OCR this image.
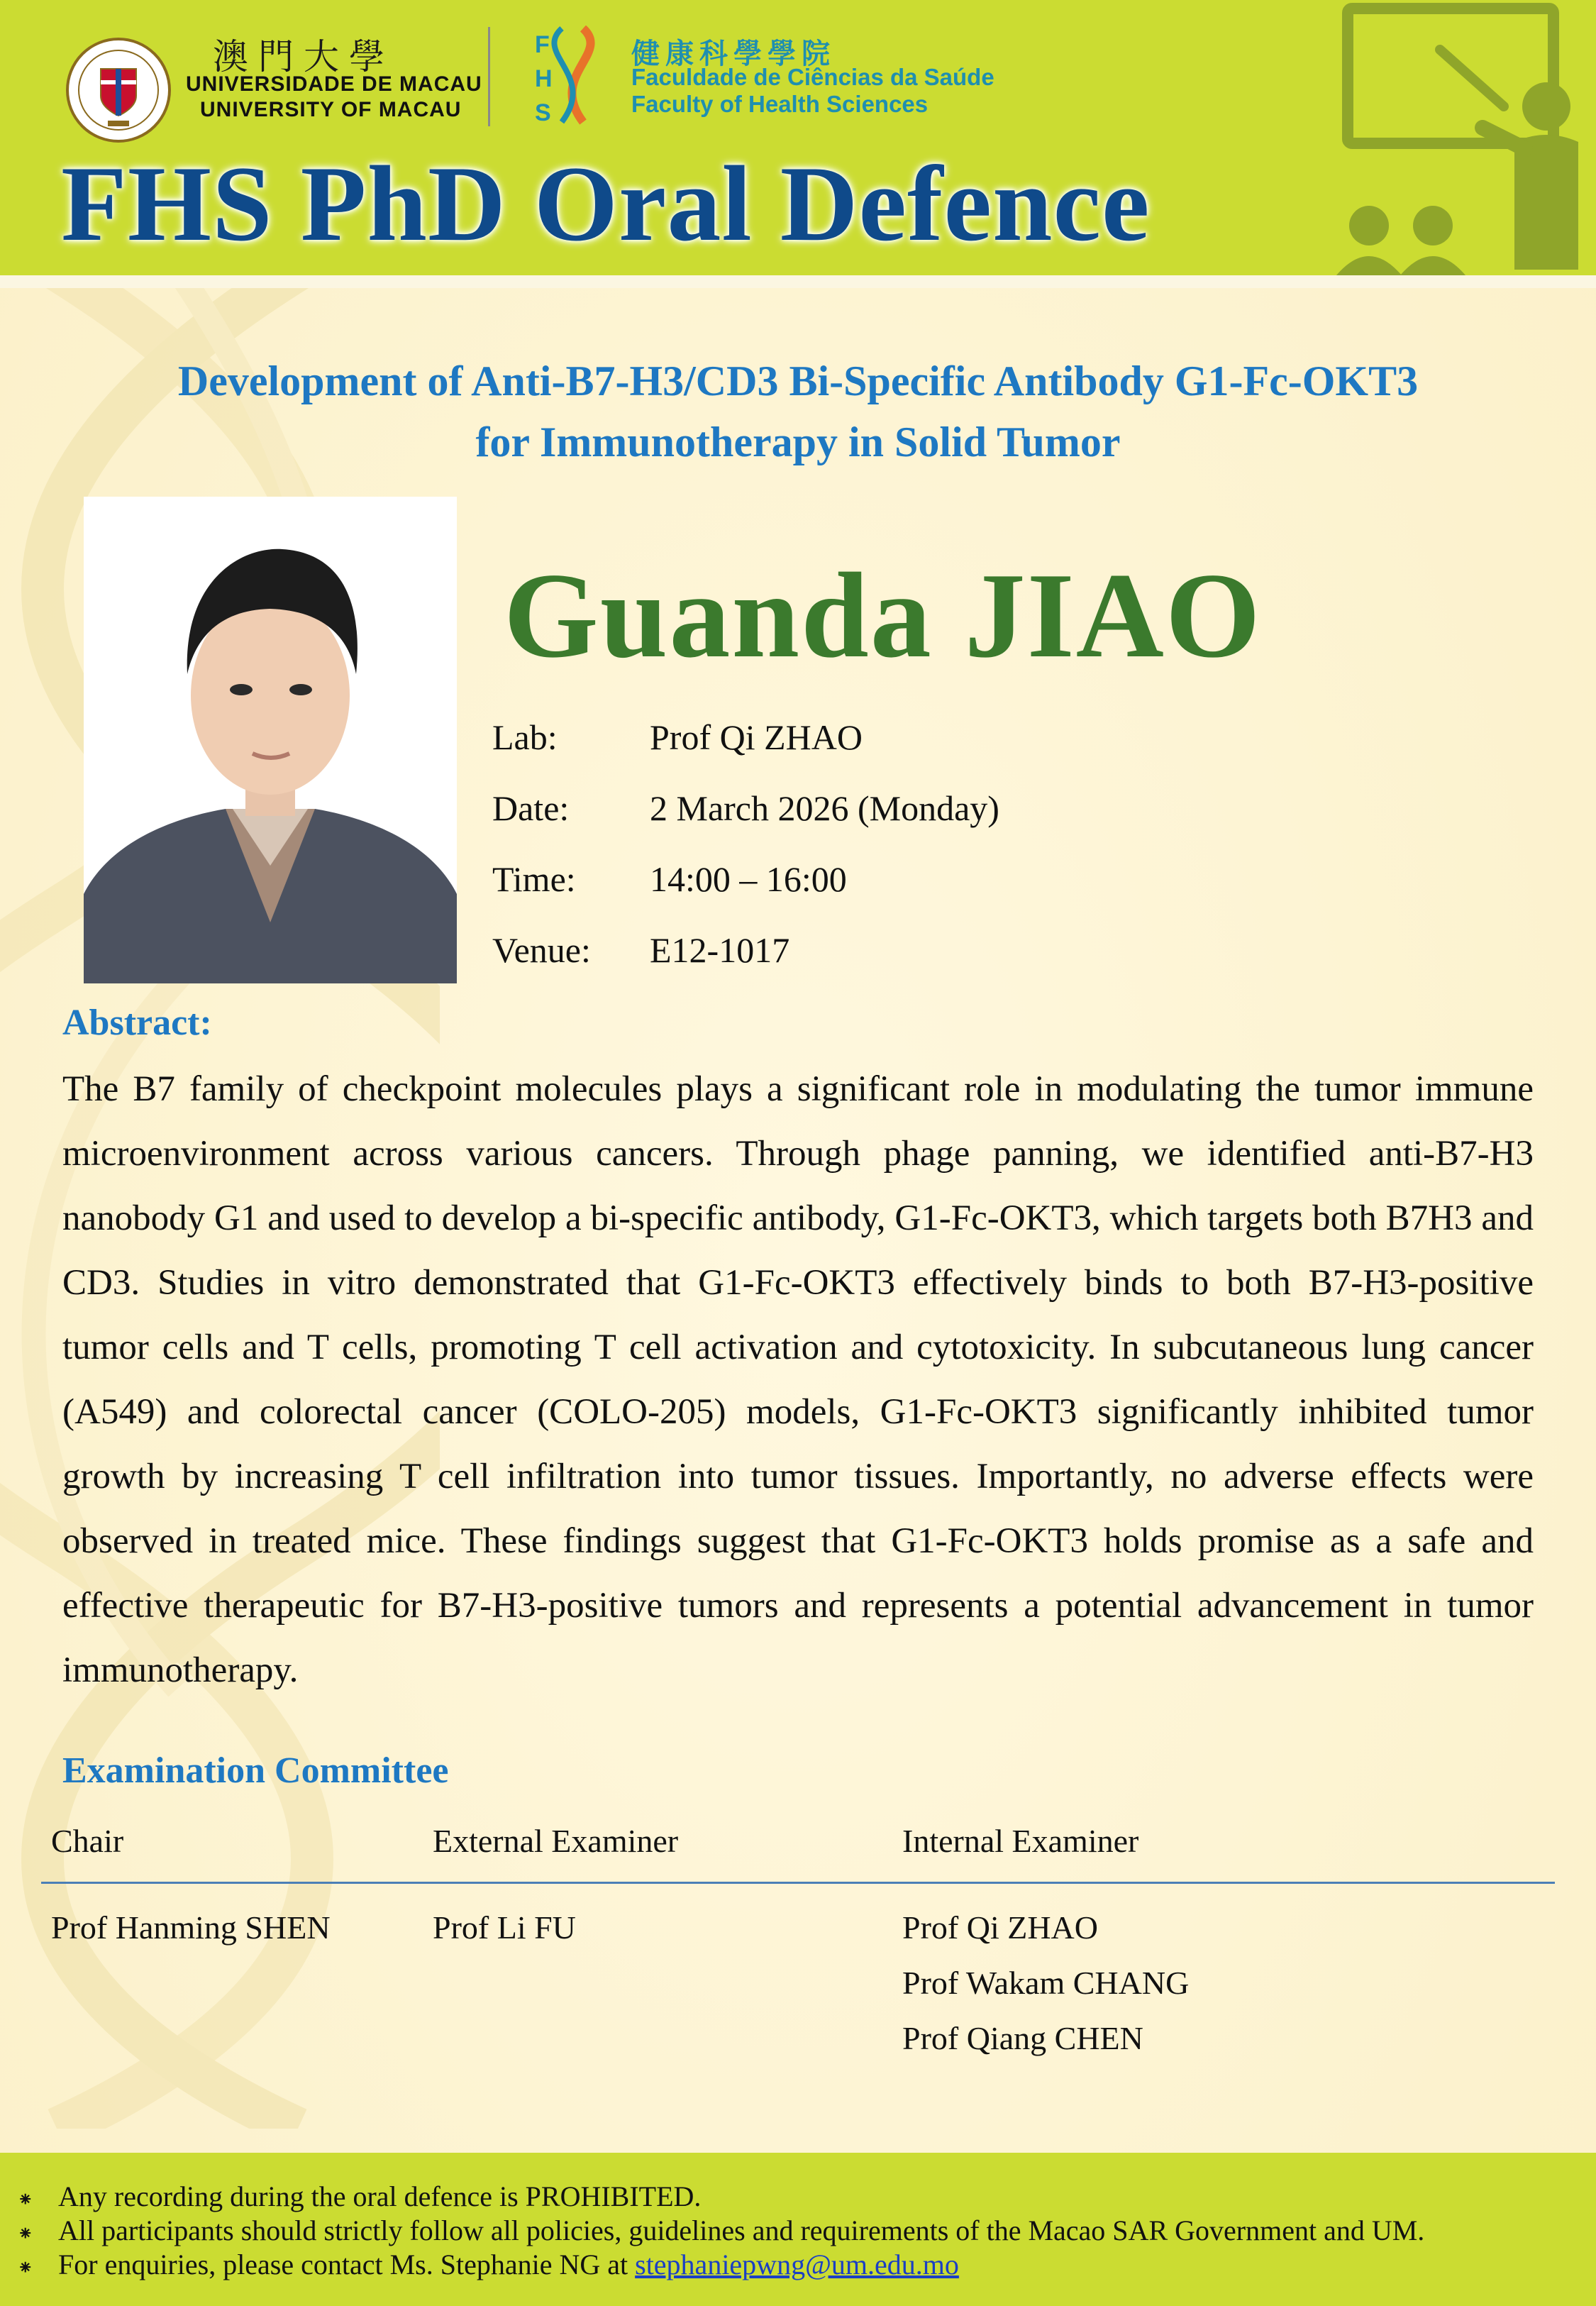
澳門大學
UNIVERSIDADE DE MACAU
UNIVERSITY OF MACAU
F
H
S
健康科學學院
Faculdade de Ciências da Saúde
Faculty of Health Sciences
FHS PhD Oral Defence
Development of Anti-B7-H3/CD3 Bi-Specific Antibody G1-Fc-OKT3
for Immunotherapy in Solid Tumor
Guanda JIAO
Lab:	Prof Qi ZHAO
Date: 2 March 2026 (Monday)
Time: 14:00 – 16:00
Venue: E12-1017
Abstract:
The B7 family of checkpoint molecules plays a significant role in modulating the tumor immune microenvironment across various cancers. Through phage panning, we identified anti-B7-H3 nanobody G1 and used to develop a bi-specific antibody, G1-Fc-OKT3, which targets both B7H3 and CD3. Studies in vitro demonstrated that G1-Fc-OKT3 effectively binds to both B7-H3-positive tumor cells and T cells, promoting T cell activation and cytotoxicity. In subcutaneous lung cancer (A549) and colorectal cancer (COLO-205) models, G1-Fc-OKT3 significantly inhibited tumor growth by increasing T cell infiltration into tumor tissues. Importantly, no adverse effects were observed in treated mice. These findings suggest that G1-Fc-OKT3 holds promise as a safe and effective therapeutic for B7-H3-positive tumors and represents a potential advancement in tumor immunotherapy.
Examination Committee
Chair	External Examiner	Internal Examiner
Prof Hanming SHEN	Prof Li FU	Prof Qi ZHAO
Prof Wakam CHANG
Prof Qiang CHEN
⁕ Any recording during the oral defence is PROHIBITED.
⁕ All participants should strictly follow all policies, guidelines and requirements of the Macao SAR Government and UM.
⁕ For enquiries, please contact Ms. Stephanie NG at stephaniepwng@um.edu.mo
